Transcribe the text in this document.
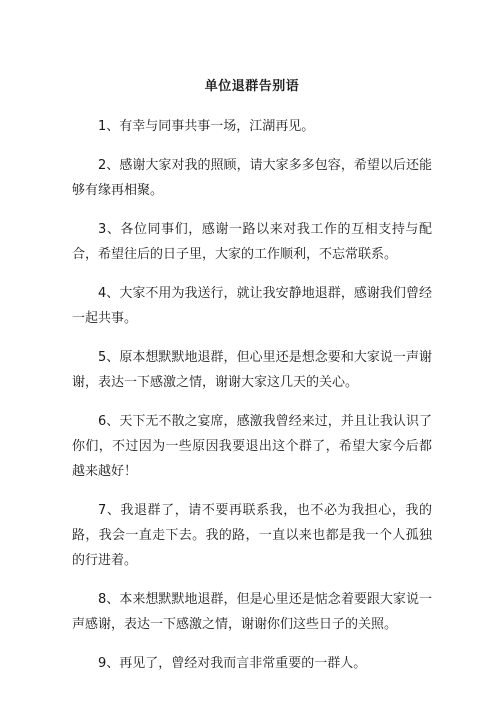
单位退群告别语

1、有幸与同事共事一场，江湖再见。

2、感谢大家对我的照顾，请大家多多包容，希望以后还能够有缘再相聚。

3、各位同事们，感谢一路以来对我工作的互相支持与配合，希望往后的日子里，大家的工作顺利，不忘常联系。

4、大家不用为我送行，就让我安静地退群，感谢我们曾经一起共事。

5、原本想默默地退群，但心里还是想念要和大家说一声谢谢，表达一下感激之情，谢谢大家这几天的关心。

6、天下无不散之宴席，感激我曾经来过，并且让我认识了你们，不过因为一些原因我要退出这个群了，希望大家今后都越来越好！

7、我退群了，请不要再联系我，也不必为我担心，我的路，我会一直走下去。我的路，一直以来也都是我一个人孤独的行进着。

8、本来想默默地退群，但是心里还是惦念着要跟大家说一声感谢，表达一下感激之情，谢谢你们这些日子的关照。

9、再见了，曾经对我而言非常重要的一群人。
